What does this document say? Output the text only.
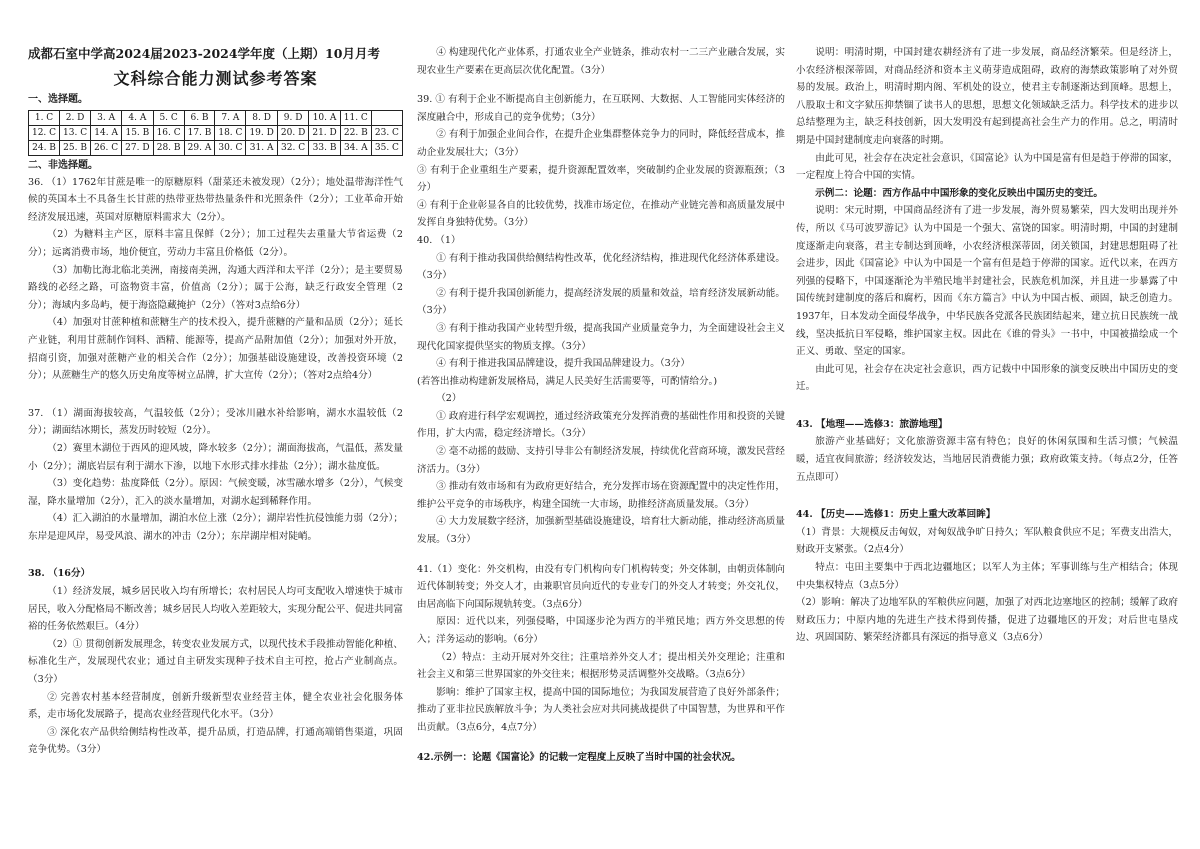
成都石室中学高2024届2023-2024学年度（上期）10月月考
文科综合能力测试参考答案
一、选择题。
1. C	2. D	3. A	4. A	5. C	6. B	7. A	8. D	9. D	10. A	11. C	
12. C	13. C	14. A	15. B	16. C	17. B	18. C	19. D	20. D	21. D	22. B	23. C
24. B	25. B	26. C	27. D	28. B	29. A	30. C	31. A	32. C	33. B	34. A	35. C
二、非选择题。

36. （1）1762年甘蔗是唯一的原糖原料（甜菜还未被发现）（2分）；地处温带海洋性气候的英国本土不具备生长甘蔗的热带亚热带热量条件和光照条件（2分）；工业革命开始经济发展迅速，英国对原糖原料需求大（2分）。

（2）为糖料主产区，原料丰富且保鲜（2分）；加工过程失去重量大节省运费（2分）；远离消费市场，地价便宜，劳动力丰富且价格低（2分）。

（3）加勒比海北临北美洲，南接南美洲，沟通大西洋和太平洋（2分）；是主要贸易路线的必经之路，可盗物资丰富，价值高（2分）；属于公海，缺乏行政安全管理（2分）；海域内多岛屿，便于海盗隐藏掩护（2分）（答对3点给6分）

（4）加强对甘蔗种植和蔗糖生产的技术投入，提升蔗糖的产量和品质（2分）；延长产业链，利用甘蔗制作饲料、酒精、能源等，提高产品附加值（2分）；加强对外开放，招商引资，加强对蔗糖产业的相关合作（2分）；加强基础设施建设，改善投资环境（2分）；从蔗糖生产的悠久历史角度等树立品牌，扩大宣传（2分）；（答对2点给4分）

37. （1）湖面海拔较高，气温较低（2分）；受冰川融水补给影响，湖水水温较低（2分）；湖面结冰期长，蒸发历时较短（2分）。

（2）赛里木湖位于西风的迎风坡，降水较多（2分）；湖面海拔高，气温低，蒸发量小（2分）；湖底岩层有利于湖水下渗，以地下水形式排水排盐（2分）；湖水盐度低。

（3）变化趋势：盐度降低（2分）。原因：气候变暖，冰雪融水增多（2分），气候变湿，降水量增加（2分），汇入的淡水量增加，对湖水起到稀释作用。

（4）汇入湖泊的水量增加，湖泊水位上涨（2分）；湖岸岩性抗侵蚀能力弱（2分）；东岸是迎风岸，易受风浪、湖水的冲击（2分）；东岸湖岸相对陡峭。

38. （16分）

（1）经济发展，城乡居民收入均有所增长；农村居民人均可支配收入增速快于城市居民，收入分配格局不断改善；城乡居民人均收入差距较大，实现分配公平、促进共同富裕的任务依然艰巨。（4分）

（2）① 贯彻创新发展理念，转变农业发展方式，以现代技术手段推动智能化种植、标准化生产，发展现代农业；通过自主研发实现种子技术自主可控，抢占产业制高点。（3分）

② 完善农村基本经营制度，创新升级新型农业经营主体，健全农业社会化服务体系，走市场化发展路子，提高农业经营现代化水平。（3分）

③ 深化农产品供给侧结构性改革，提升品质，打造品牌，打通高端销售渠道，巩固竞争优势。（3分）

④ 构建现代化产业体系，打通农业全产业链条，推动农村一二三产业融合发展，实现农业生产要素在更高层次优化配置。（3分）

39. ① 有利于企业不断提高自主创新能力，在互联网、大数据、人工智能同实体经济的深度融合中，形成自己的竞争优势；（3分）

② 有利于加强企业间合作，在提升企业集群整体竞争力的同时，降低经营成本，推动企业发展壮大；（3分）

③ 有利于企业重组生产要素，提升资源配置效率，突破制约企业发展的资源瓶颈；（3分）

④ 有利于企业彰显各自的比较优势，找准市场定位，在推动产业链完善和高质量发展中发挥自身独特优势。（3分）

40. （1）

① 有利于推动我国供给侧结构性改革，优化经济结构，推进现代化经济体系建设。（3分）

② 有利于提升我国创新能力，提高经济发展的质量和效益，培育经济发展新动能。（3分）

③ 有利于推动我国产业转型升级，提高我国产业质量竞争力，为全面建设社会主义现代化国家提供坚实的物质支撑。（3分）

④ 有利于推进我国品牌建设，提升我国品牌建设力。（3分）

(若答出推动构建新发展格局，满足人民美好生活需要等，可酌情给分。)

（2）

① 政府进行科学宏观调控，通过经济政策充分发挥消费的基础性作用和投资的关键作用，扩大内需，稳定经济增长。（3分）

② 毫不动摇的鼓励、支持引导非公有制经济发展，持续优化营商环境，激发民营经济活力。（3分）

③ 推动有效市场和有为政府更好结合，充分发挥市场在资源配置中的决定性作用，维护公平竞争的市场秩序，构建全国统一大市场，助推经济高质量发展。（3分）

④ 大力发展数字经济，加强新型基础设施建设，培育壮大新动能，推动经济高质量发展。（3分）

41.（1）变化：外交机构，由没有专门机构向专门机构转变；外交体制，由朝贡体制向近代体制转变；外交人才，由兼职官员向近代的专业专门的外交人才转变；外交礼仪，由居高临下向国际规轨转变。（3点6分）

原因：近代以来，列强侵略，中国逐步沦为西方的半殖民地；西方外交思想的传入；洋务运动的影响。（6分）

（2）特点：主动开展对外交往；注重培养外交人才；提出相关外交理论；注重和社会主义和第三世界国家的外交往来；根据形势灵活调整外交战略。（3点6分）

影响：维护了国家主权，提高中国的国际地位；为我国发展营造了良好外部条件；推动了亚非拉民族解放斗争；为人类社会应对共同挑战提供了中国智慧，为世界和平作出贡献。（3点6分，4点7分）

42.示例一：论题《国富论》的记载一定程度上反映了当时中国的社会状况。

说明：明清时期，中国封建农耕经济有了进一步发展，商品经济繁荣。但是经济上，小农经济根深蒂固，对商品经济和资本主义萌芽造成阻碍，政府的海禁政策影响了对外贸易的发展。政治上，明清时期内阁、军机处的设立，使君主专制逐渐达到顶峰。思想上，八股取士和文字狱压抑禁锢了读书人的思想，思想文化领域缺乏活力。科学技术的进步以总结整理为主，缺乏科技创新，因大发明没有起到提高社会生产力的作用。总之，明清时期是中国封建制度走向衰落的时期。

由此可见，社会存在决定社会意识，《国富论》认为中国是富有但是趋于停滞的国家，一定程度上符合中国的实情。

示例二：论题：西方作品中中国形象的变化反映出中国历史的变迁。

说明：宋元时期，中国商品经济有了进一步发展，海外贸易繁荣，四大发明出现并外传，所以《马可波罗游记》认为中国是一个强大、富饶的国家。明清时期，中国的封建制度逐渐走向衰落，君主专制达到顶峰，小农经济根深蒂固，闭关锁国，封建思想阻碍了社会进步，因此《国富论》中认为中国是一个富有但是趋于停滞的国家。近代以来，在西方列强的侵略下，中国逐渐沦为半殖民地半封建社会，民族危机加深，并且进一步暴露了中国传统封建制度的落后和腐朽，因而《东方篇言》中认为中国古板、顽固，缺乏创造力。1937年，日本发动全面侵华战争，中华民族各党派各民族团结起来，建立抗日民族统一战线，坚决抵抗日军侵略，维护国家主权。因此在《谁的骨头》一书中，中国被描绘成一个正义、勇敢、坚定的国家。

由此可见，社会存在决定社会意识，西方记载中中国形象的演变反映出中国历史的变迁。

43. 【地理——选修3：旅游地理】

旅游产业基础好；文化旅游资源丰富有特色；良好的休闲氛围和生活习惯；气候温暖，适宜夜间旅游；经济较发达，当地居民消费能力强；政府政策支持。（每点2分，任答五点即可）

44. 【历史——选修1：历史上重大改革回眸】

（1）背景：大规模反击匈奴，对匈奴战争旷日持久；军队粮食供应不足；军费支出浩大，财政开支紧张。（2点4分）

特点：屯田主要集中于西北边疆地区；以军人为主体；军事训练与生产相结合；体现中央集权特点（3点5分）

（2）影响：解决了边地军队的军粮供应问题，加强了对西北边塞地区的控制；缓解了政府财政压力；中原内地的先进生产技术得到传播，促进了边疆地区的开发；对后世屯垦戍边、巩固国防、繁荣经济都具有深远的指导意义（3点6分）
